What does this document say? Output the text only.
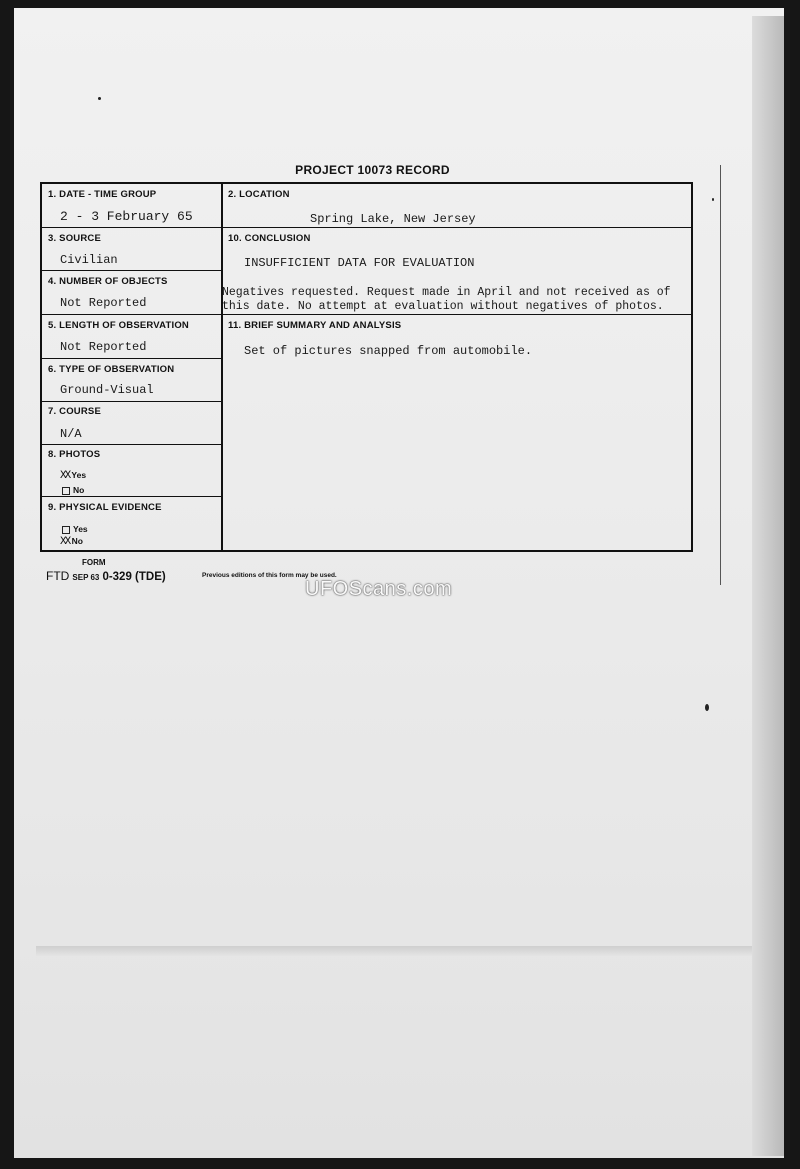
PROJECT 10073 RECORD
1. DATE - TIME GROUP
2 - 3 February 65
2. LOCATION
Spring Lake, New Jersey
3. SOURCE
Civilian
10. CONCLUSION
INSUFFICIENT DATA FOR EVALUATION
4. NUMBER OF OBJECTS
Not Reported
Negatives requested. Request made in April and not received as of
this date. No attempt at evaluation without negatives of photos.
5. LENGTH OF OBSERVATION
Not Reported
11. BRIEF SUMMARY AND ANALYSIS
Set of pictures snapped from automobile.
6. TYPE OF OBSERVATION
Ground-Visual
7. COURSE
N/A
8. PHOTOS
XX Yes
No
9. PHYSICAL EVIDENCE
Yes
XX No
FORM
FTD SEP 63 0-329 (TDE)	Previous editions of this form may be used.
UFOScans.com
